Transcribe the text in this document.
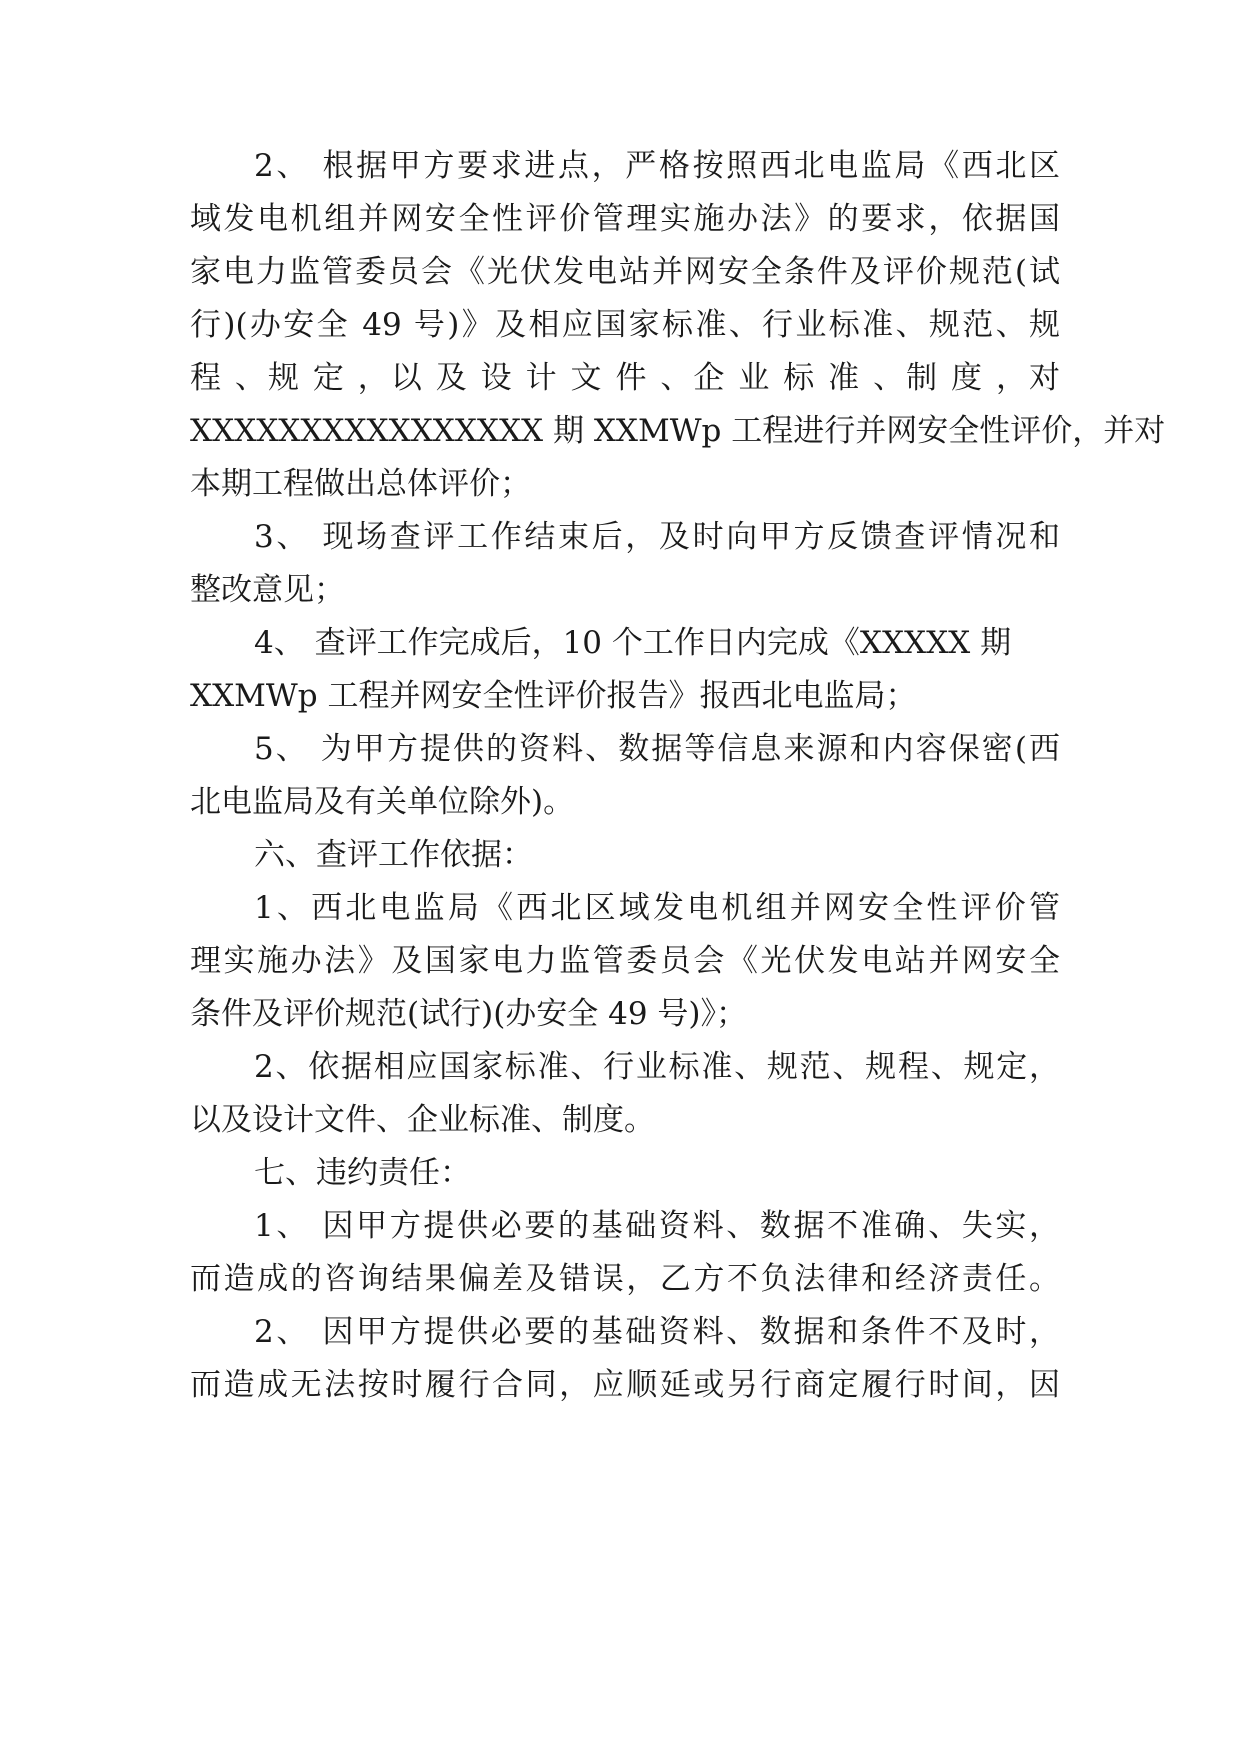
2、 根据甲方要求进点，严格按照西北电监局《西北区
域发电机组并网安全性评价管理实施办法》的要求，依据国
家电力监管委员会《光伏发电站并网安全条件及评价规范(试
行)(办安全 49 号)》及相应国家标准、行业标准、规范、规
程 、规 定 ，以 及 设 计 文 件 、企 业 标 准 、制 度 ，对
XXXXXXXXXXXXXXXX 期 XXMWp 工程进行并网安全性评价，并对
本期工程做出总体评价；
3、 现场查评工作结束后，及时向甲方反馈查评情况和
整改意见；
4、 查评工作完成后，10 个工作日内完成《XXXXX 期
XXMWp 工程并网安全性评价报告》报西北电监局；
5、 为甲方提供的资料、数据等信息来源和内容保密(西
北电监局及有关单位除外)。
六、查评工作依据：
1、西北电监局《西北区域发电机组并网安全性评价管
理实施办法》及国家电力监管委员会《光伏发电站并网安全
条件及评价规范(试行)(办安全 49 号)》；
2、依据相应国家标准、行业标准、规范、规程、规定，
以及设计文件、企业标准、制度。
七、违约责任：
1、 因甲方提供必要的基础资料、数据不准确、失实，
而造成的咨询结果偏差及错误，乙方不负法律和经济责任。
2、 因甲方提供必要的基础资料、数据和条件不及时，
而造成无法按时履行合同，应顺延或另行商定履行时间，因
